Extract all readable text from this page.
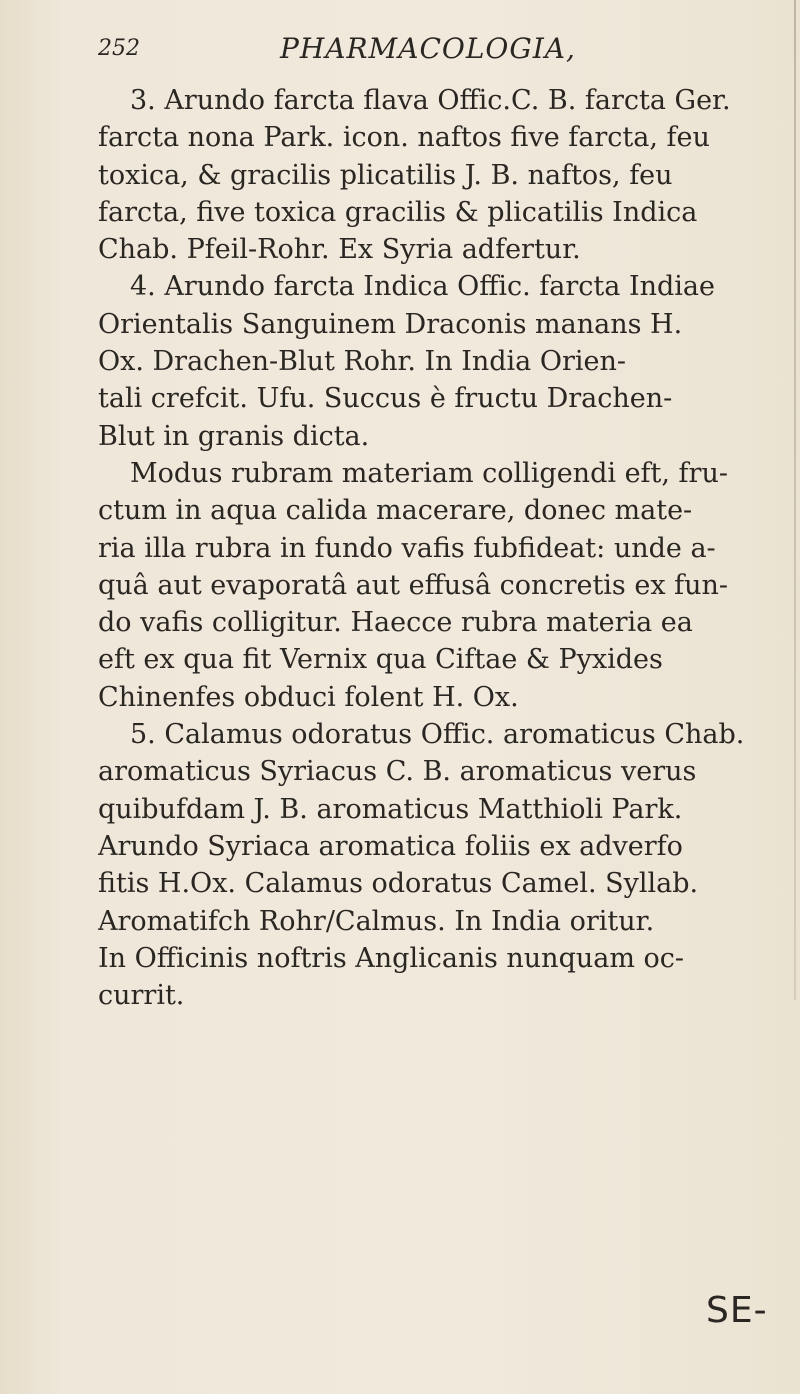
252	PHARMACOLOGIA,
3. Arundo farcta flava Offic.C. B. farcta Ger.
farcta nona Park. icon. naftos five farcta, feu
toxica, & gracilis plicatilis J. B. naftos, feu
farcta, five toxica gracilis & plicatilis Indica
Chab. Pfeil-Rohr. Ex Syria adfertur.
4. Arundo farcta Indica Offic. farcta Indiae
Orientalis Sanguinem Draconis manans H.
Ox. Drachen-Blut Rohr. In India Orien-
tali crefcit. Ufu. Succus è fructu Drachen-
Blut in granis dicta.
Modus rubram materiam colligendi eft, fru-
ctum in aqua calida macerare, donec mate-
ria illa rubra in fundo vafis fubfideat: unde a-
quâ aut evaporatâ aut effusâ concretis ex fun-
do vafis colligitur. Haecce rubra materia ea
eft ex qua fit Vernix qua Ciftae & Pyxides
Chinenfes obduci folent H. Ox.
5. Calamus odoratus Offic. aromaticus Chab.
aromaticus Syriacus C. B. aromaticus verus
quibufdam J. B. aromaticus Matthioli Park.
Arundo Syriaca aromatica foliis ex adverfo
fitis H.Ox. Calamus odoratus Camel. Syllab.
Aromatifch Rohr/Calmus. In India oritur.
In Officinis noftris Anglicanis nunquam oc-
currit.
SE-
